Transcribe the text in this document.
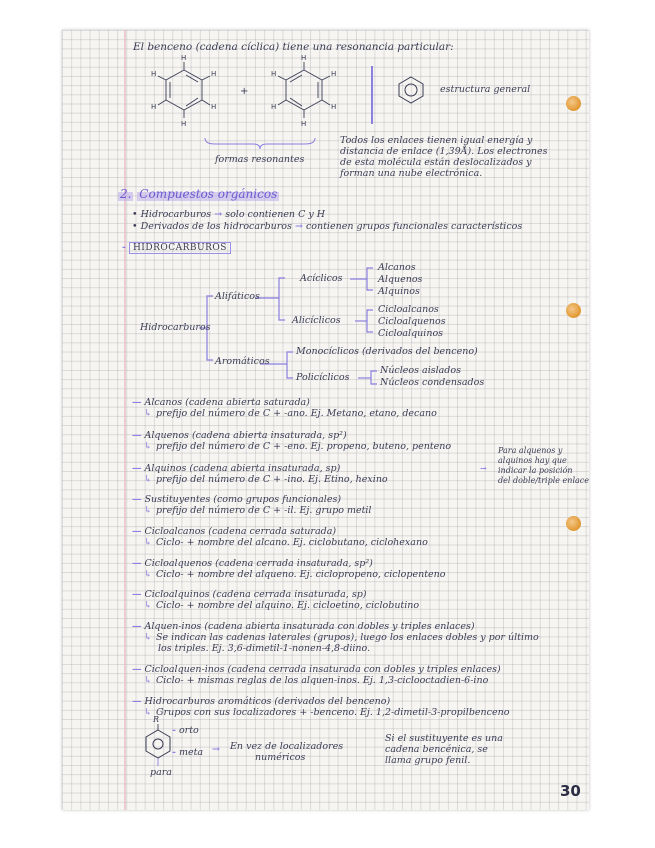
El benceno (cadena cíclica) tiene una resonancia particular:
H
H
H
H
H
H
H
H
H
H
H
H
+
formas resonantes
estructura general
Todos los enlaces tienen igual energía y
distancia de enlace (1,39Å). Los electrones
de esta molécula están deslocalizados y
forman una nube electrónica.
2. Compuestos orgánicos
• Hidrocarburos → solo contienen C y H
• Derivados de los hidrocarburos → contienen grupos funcionales característicos
- HIDROCARBUROS
Hidrocarburos
Alifáticos
Acíclicos
Alcanos
Alquenos
Alquinos
Alicíclicos
Cicloalcanos
Cicloalquenos
Cicloalquinos
Aromáticos
Monocíclicos (derivados del benceno)
Policíclicos
Núcleos aislados
Núcleos condensados
— Alcanos (cadena abierta saturada)
↳ prefijo del número de C + -ano. Ej. Metano, etano, decano
— Alquenos (cadena abierta insaturada, sp²)
↳ prefijo del número de C + -eno. Ej. propeno, buteno, penteno
— Alquinos (cadena abierta insaturada, sp)
↳ prefijo del número de C + -ino. Ej. Etino, hexino
— Sustituyentes (como grupos funcionales)
↳ prefijo del número de C + -il. Ej. grupo metil
— Cicloalcanos (cadena cerrada saturada)
↳ Ciclo- + nombre del alcano. Ej. ciclobutano, ciclohexano
— Cicloalquenos (cadena cerrada insaturada, sp²)
↳ Ciclo- + nombre del alqueno. Ej. ciclopropeno, ciclopenteno
— Cicloalquinos (cadena cerrada insaturada, sp)
↳ Ciclo- + nombre del alquino. Ej. cicloetino, ciclobutino
— Alquen-inos (cadena abierta insaturada con dobles y triples enlaces)
↳ Se indican las cadenas laterales (grupos), luego los enlaces dobles y por último
los triples. Ej. 3,6-dimetil-1-nonen-4,8-diino.
— Cicloalquen-inos (cadena cerrada insaturada con dobles y triples enlaces)
↳ Ciclo- + mismas reglas de los alquen-inos. Ej. 1,3-ciclooctadien-6-ino
— Hidrocarburos aromáticos (derivados del benceno)
↳ Grupos con sus localizadores + -benceno. Ej. 1,2-dimetil-3-propilbenceno
→
Para alquenos y
alquinos hay que
indicar la posición
del doble/triple enlace
R
- orto
- meta
para
→ En vez de localizadores
numéricos
Si el sustituyente es una
cadena bencénica, se
llama grupo fenil.
30
